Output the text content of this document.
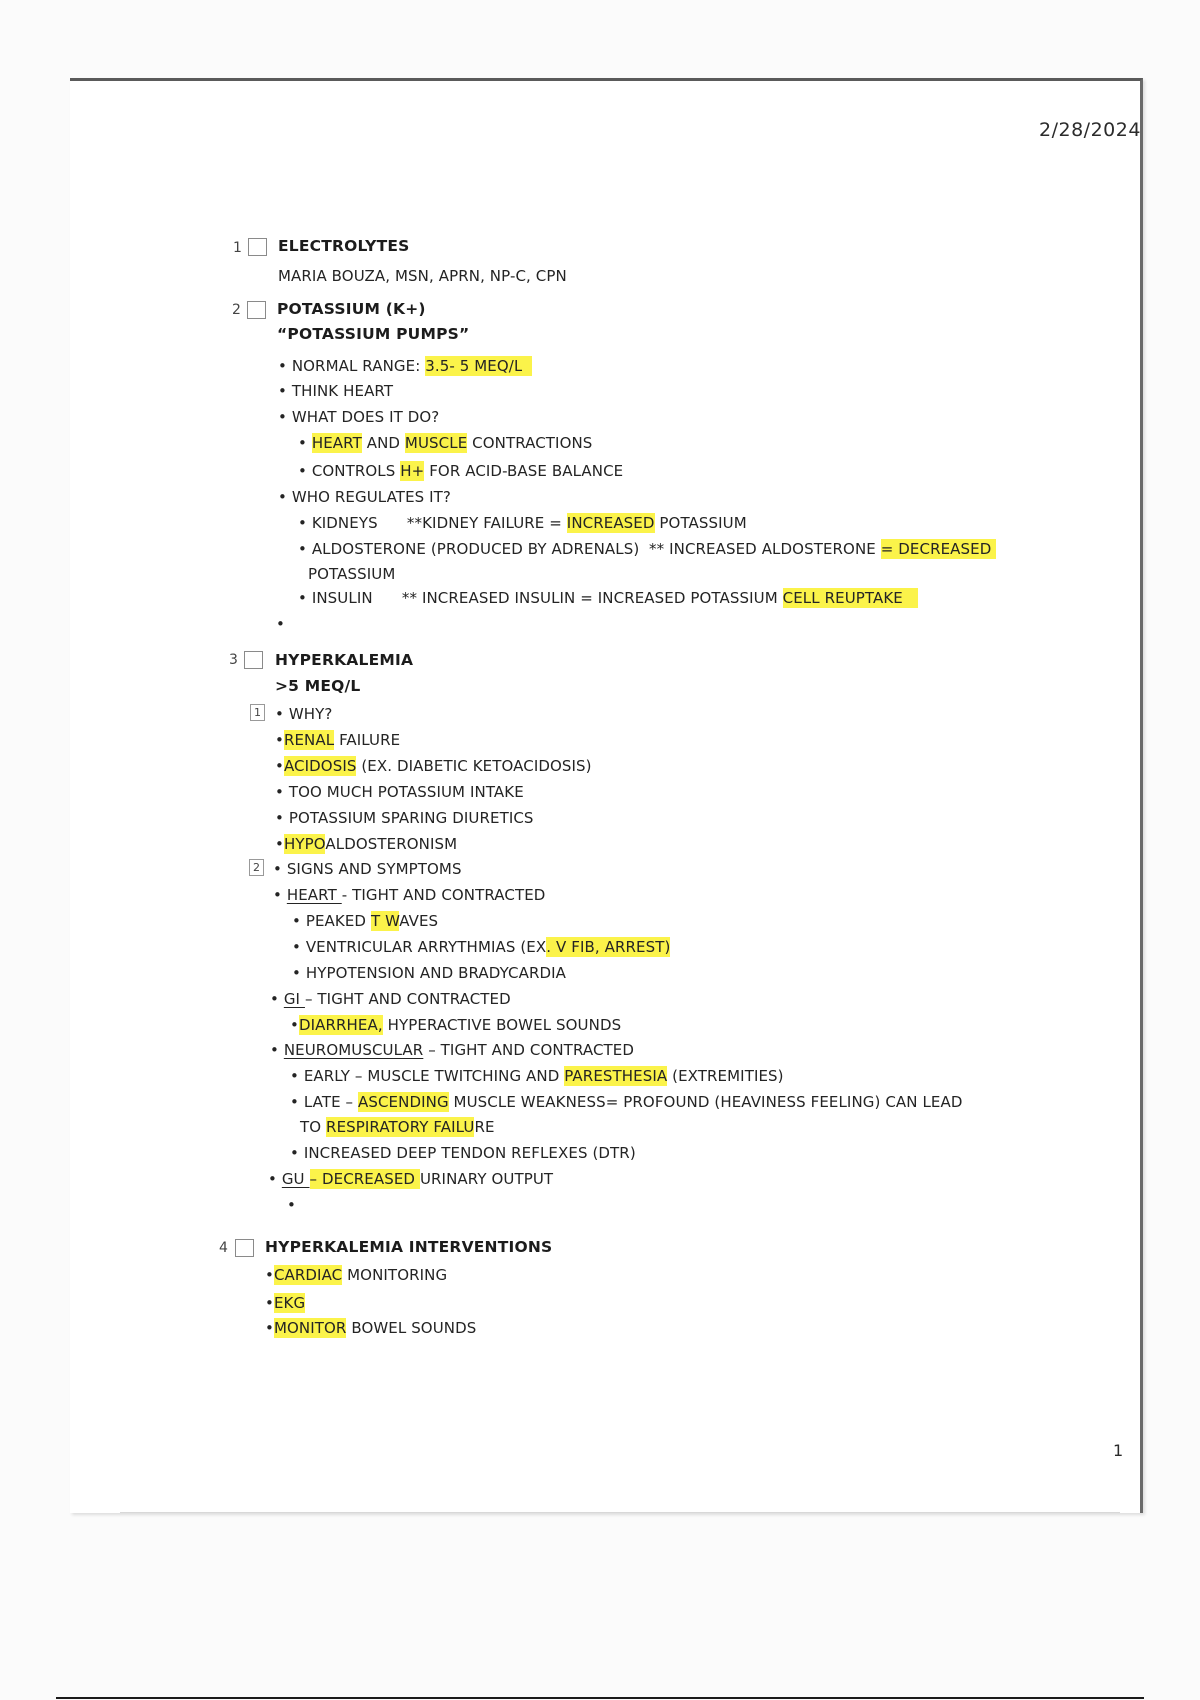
2/28/2024
1 ELECTROLYTES
MARIA BOUZA, MSN, APRN, NP-C, CPN
2 POTASSIUM (K+)
“POTASSIUM PUMPS”
• NORMAL RANGE: 3.5- 5 MEQ/L
• THINK HEART
• WHAT DOES IT DO?
• HEART AND MUSCLE CONTRACTIONS
• CONTROLS H+ FOR ACID-BASE BALANCE
• WHO REGULATES IT?
• KIDNEYS      **KIDNEY FAILURE = INCREASED POTASSIUM
• ALDOSTERONE (PRODUCED BY ADRENALS)  ** INCREASED ALDOSTERONE = DECREASED
POTASSIUM
• INSULIN      ** INCREASED INSULIN = INCREASED POTASSIUM CELL REUPTAKE
•
3 HYPERKALEMIA
>5 MEQ/L
1 • WHY?
•RENAL FAILURE
•ACIDOSIS (EX. DIABETIC KETOACIDOSIS)
• TOO MUCH POTASSIUM INTAKE
• POTASSIUM SPARING DIURETICS
•HYPOALDOSTERONISM
2 • SIGNS AND SYMPTOMS
• HEART - TIGHT AND CONTRACTED
• PEAKED T WAVES
• VENTRICULAR ARRYTHMIAS (EX. V FIB, ARREST)
• HYPOTENSION AND BRADYCARDIA
• GI – TIGHT AND CONTRACTED
•DIARRHEA, HYPERACTIVE BOWEL SOUNDS
• NEUROMUSCULAR – TIGHT AND CONTRACTED
• EARLY – MUSCLE TWITCHING AND PARESTHESIA (EXTREMITIES)
• LATE – ASCENDING MUSCLE WEAKNESS= PROFOUND (HEAVINESS FEELING) CAN LEAD
TO RESPIRATORY FAILURE
• INCREASED DEEP TENDON REFLEXES (DTR)
• GU – DECREASED URINARY OUTPUT
•
4 HYPERKALEMIA INTERVENTIONS
•CARDIAC MONITORING
•EKG
•MONITOR BOWEL SOUNDS
1
